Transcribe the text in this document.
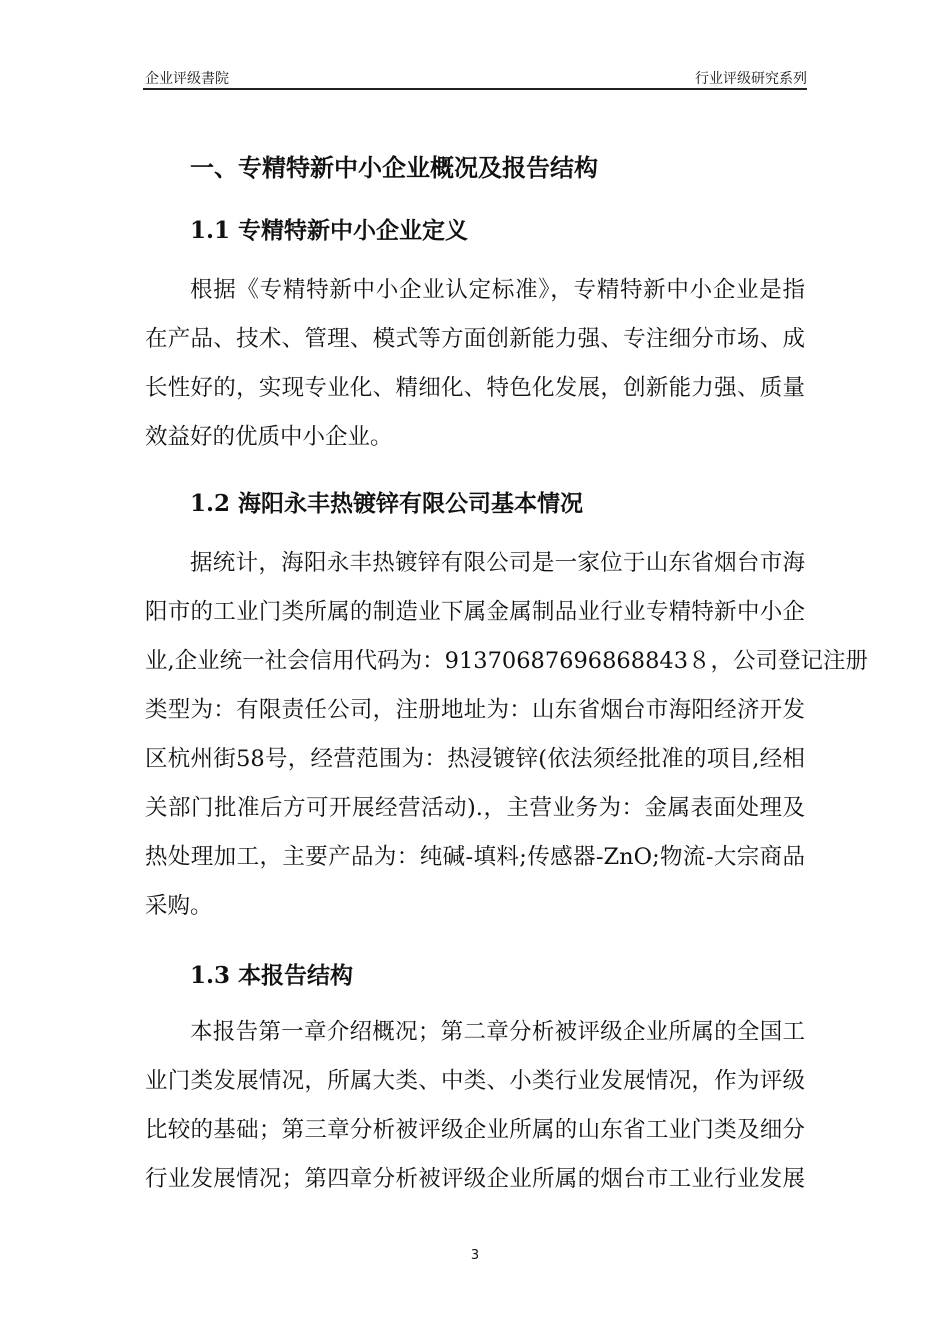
企业评级書院	行业评级研究系列
一、专精特新中小企业概况及报告结构
1.1 专精特新中小企业定义
根据《专精特新中小企业认定标准》，专精特新中小企业是指
在产品、技术、管理、模式等方面创新能力强、专注细分市场、成
长性好的，实现专业化、精细化、特色化发展，创新能力强、质量
效益好的优质中小企业。
1.2 海阳永丰热镀锌有限公司基本情况
据统计，海阳永丰热镀锌有限公司是一家位于山东省烟台市海
阳市的工业门类所属的制造业下属金属制品业行业专精特新中小企
业,企业统一社会信用代码为：91370687696868843８，公司登记注册
类型为：有限责任公司，注册地址为：山东省烟台市海阳经济开发
区杭州街58号，经营范围为：热浸镀锌(依法须经批准的项目,经相
关部门批准后方可开展经营活动).，主营业务为：金属表面处理及
热处理加工，主要产品为：纯碱-填料;传感器-ZnO;物流-大宗商品
采购。
1.3 本报告结构
本报告第一章介绍概况；第二章分析被评级企业所属的全国工
业门类发展情况，所属大类、中类、小类行业发展情况，作为评级
比较的基础；第三章分析被评级企业所属的山东省工业门类及细分
行业发展情况；第四章分析被评级企业所属的烟台市工业行业发展
3
